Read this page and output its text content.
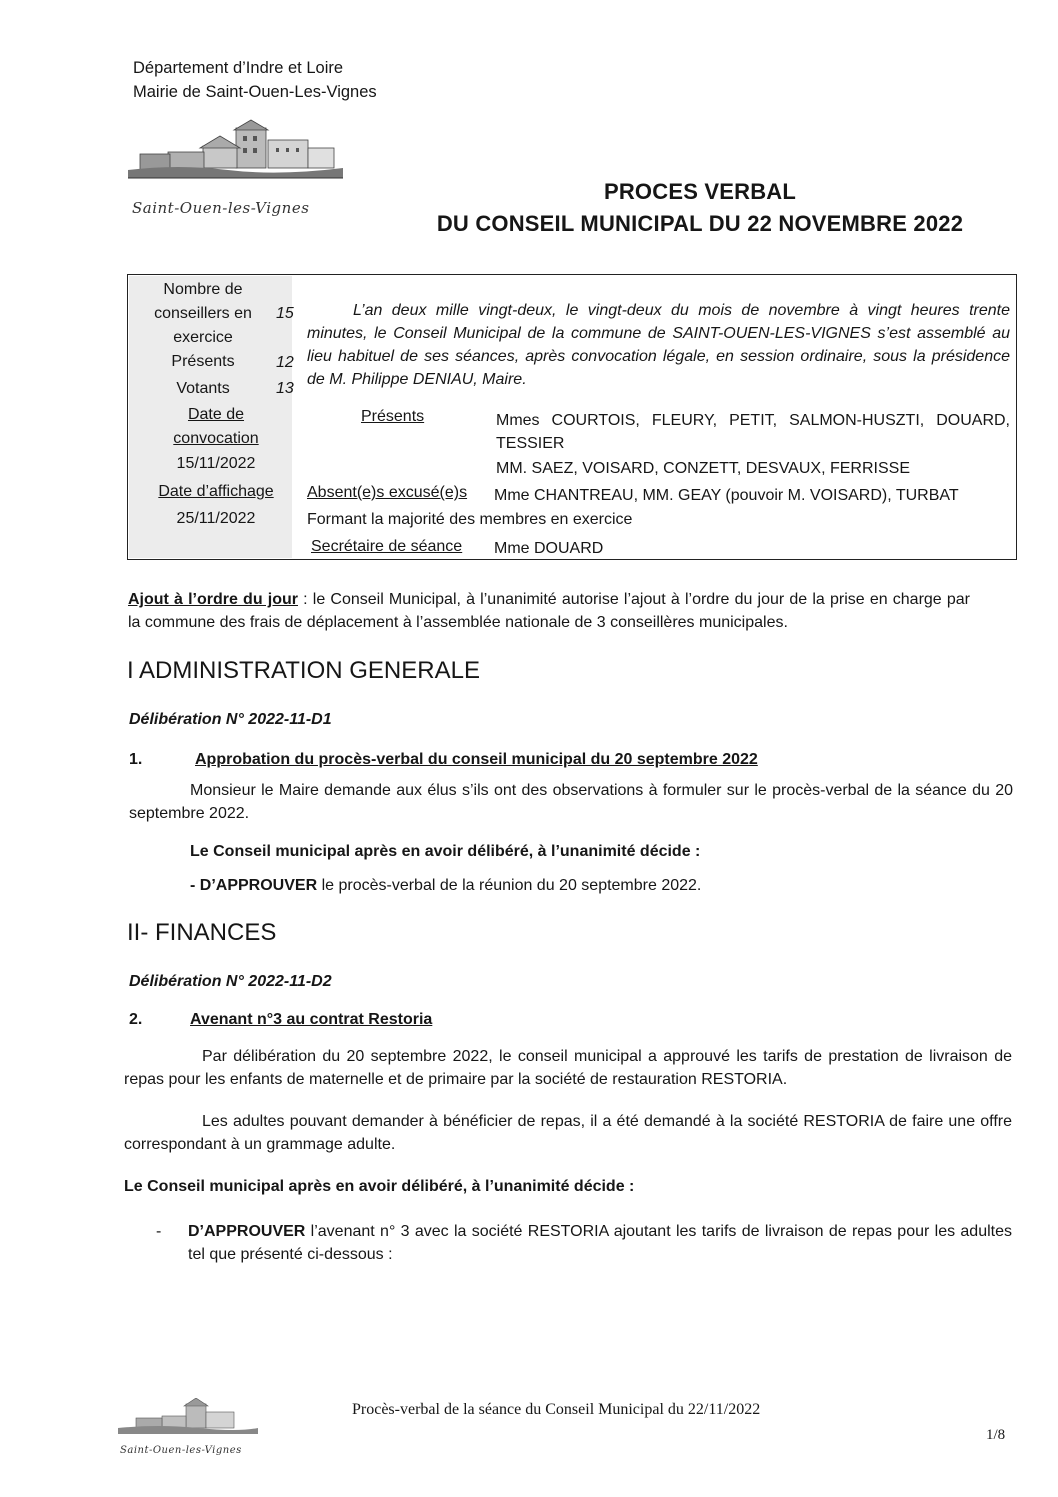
Département d’Indre et Loire
Mairie de Saint-Ouen-Les-Vignes
Saint-Ouen-les-Vignes
PROCES VERBAL
DU CONSEIL MUNICIPAL DU 22 NOVEMBRE 2022
Nombre de
conseillers en
exercice
15
Présents	12
Votants	13
Date de
convocation
15/11/2022
Date d’affichage
25/11/2022
L’an deux mille vingt-deux, le vingt-deux du mois de novembre à vingt heures trente minutes, le Conseil Municipal de la commune de SAINT-OUEN-LES-VIGNES s’est assemblé au lieu habituel de ses séances, après convocation légale, en session ordinaire, sous la présidence de M. Philippe DENIAU, Maire.
Présents	Mmes COURTOIS, FLEURY, PETIT, SALMON-HUSZTI, DOUARD, TESSIER
MM. SAEZ, VOISARD, CONZETT, DESVAUX, FERRISSE
Absent(e)s excusé(e)s Mme CHANTREAU, MM. GEAY (pouvoir M. VOISARD), TURBAT
Formant la majorité des membres en exercice
Secrétaire de séance Mme DOUARD
Ajout à l’ordre du jour : le Conseil Municipal, à l’unanimité autorise l’ajout à l’ordre du jour de la prise en charge par la commune des frais de déplacement à l’assemblée nationale de 3 conseillères municipales.
I ADMINISTRATION GENERALE
Délibération N° 2022-11-D1
1.	Approbation du procès-verbal du conseil municipal du 20 septembre 2022
Monsieur le Maire demande aux élus s’ils ont des observations à formuler sur le procès-verbal de la séance du 20 septembre 2022.
Le Conseil municipal après en avoir délibéré, à l’unanimité décide :
- D’APPROUVER le procès-verbal de la réunion du 20 septembre 2022.
II- FINANCES
Délibération N° 2022-11-D2
2.	Avenant n°3 au contrat Restoria
Par délibération du 20 septembre 2022, le conseil municipal a approuvé les tarifs de prestation de livraison de repas pour les enfants de maternelle et de primaire par la société de restauration RESTORIA.
Les adultes pouvant demander à bénéficier de repas, il a été demandé à la société RESTORIA de faire une offre correspondant à un grammage adulte.
Le Conseil municipal après en avoir délibéré, à l’unanimité décide :
- D’APPROUVER l’avenant n° 3 avec la société RESTORIA ajoutant les tarifs de livraison de repas pour les adultes tel que présenté ci-dessous :
Saint-Ouen-les-Vignes
Procès-verbal de la séance du Conseil Municipal du 22/11/2022
1/8
